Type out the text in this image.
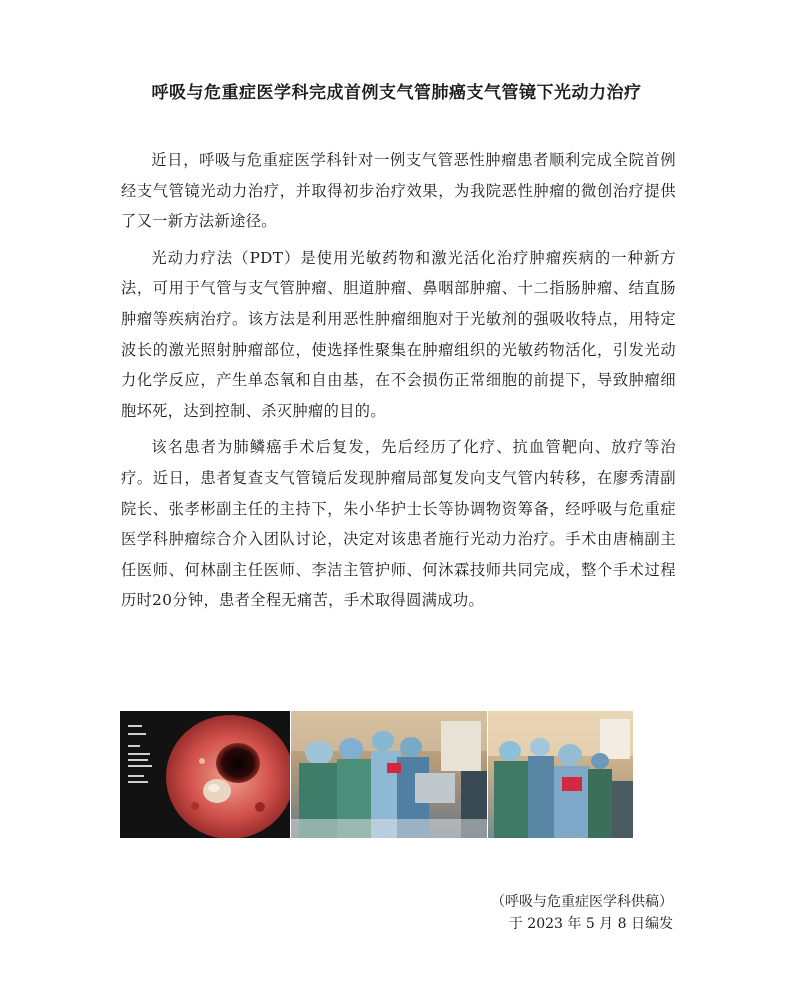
呼吸与危重症医学科完成首例支气管肺癌支气管镜下光动力治疗

近日，呼吸与危重症医学科针对一例支气管恶性肿瘤患者顺利完成全院首例经支气管镜光动力治疗，并取得初步治疗效果，为我院恶性肿瘤的微创治疗提供了又一新方法新途径。

光动力疗法（PDT）是使用光敏药物和激光活化治疗肿瘤疾病的一种新方法，可用于气管与支气管肿瘤、胆道肿瘤、鼻咽部肿瘤、十二指肠肿瘤、结直肠肿瘤等疾病治疗。该方法是利用恶性肿瘤细胞对于光敏剂的强吸收特点，用特定波长的激光照射肿瘤部位，使选择性聚集在肿瘤组织的光敏药物活化，引发光动力化学反应，产生单态氧和自由基，在不会损伤正常细胞的前提下，导致肿瘤细胞坏死，达到控制、杀灭肿瘤的目的。

该名患者为肺鳞癌手术后复发，先后经历了化疗、抗血管靶向、放疗等治疗。近日，患者复查支气管镜后发现肿瘤局部复发向支气管内转移，在廖秀清副院长、张孝彬副主任的主持下，朱小华护士长等协调物资筹备，经呼吸与危重症医学科肿瘤综合介入团队讨论，决定对该患者施行光动力治疗。手术由唐楠副主任医师、何林副主任医师、李洁主管护师、何沐霖技师共同完成，整个手术过程历时20分钟，患者全程无痛苦，手术取得圆满成功。

（呼吸与危重症医学科供稿）
于 2023 年 5 月 8 日编发
